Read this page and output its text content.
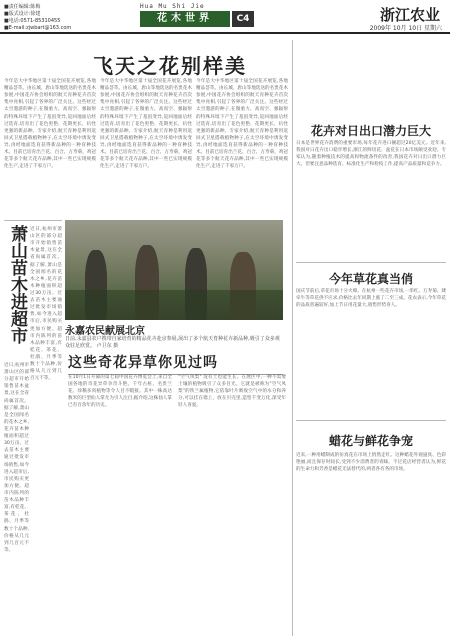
■责任编辑:陈梅
■版式设计:徐建
■电话:0571-85310455
■E-mail:zjwbart@163.com
Hua Mu Shi Jie
花木世界	C4	浙江农业
2009年 10月 10日 星期六
飞天之花别样美
今年是大中华地区第十届全国花卉展览,各地精品荟萃。由长城、唐山等地选送的名贵花木参展,中国花卉协会组织的航天育种花卉首次集中亮相,引起了各界的广泛关注。这些经过太空遨游的种子,在微重力、高真空、强辐射的特殊环境下产生了基因变异,返回地面后经过选育,培育出了花色更艳、花期更长、抗性更强的新品种。专家介绍,航天育种是利用返回式卫星搭载植物种子,在太空环境中诱发变异,再经地面选育获得新品种的一种育种技术。目前已培育出兰花、百合、万寿菊、鸡冠花等多个航天花卉品种,其中一些已实现规模化生产,走进了千家万户。
今年是大中华地区第十届全国花卉展览,各地精品荟萃。由长城、唐山等地选送的名贵花木参展,中国花卉协会组织的航天育种花卉首次集中亮相,引起了各界的广泛关注。这些经过太空遨游的种子,在微重力、高真空、强辐射的特殊环境下产生了基因变异,返回地面后经过选育,培育出了花色更艳、花期更长、抗性更强的新品种。专家介绍,航天育种是利用返回式卫星搭载植物种子,在太空环境中诱发变异,再经地面选育获得新品种的一种育种技术。目前已培育出兰花、百合、万寿菊、鸡冠花等多个航天花卉品种,其中一些已实现规模化生产,走进了千家万户。
今年是大中华地区第十届全国花卉展览,各地精品荟萃。由长城、唐山等地选送的名贵花木参展,中国花卉协会组织的航天育种花卉首次集中亮相,引起了各界的广泛关注。这些经过太空遨游的种子,在微重力、高真空、强辐射的特殊环境下产生了基因变异,返回地面后经过选育,培育出了花色更艳、花期更长、抗性更强的新品种。专家介绍,航天育种是利用返回式卫星搭载植物种子,在太空环境中诱发变异,再经地面选育获得新品种的一种育种技术。目前已培育出兰花、百合、万寿菊、鸡冠花等多个航天花卉品种,其中一些已实现规模化生产,走进了千家万户。
萧山苗木进超市 近日,杭州市萧山区的部分超市开始销售苗木盆景,这在全省尚属首次。据了解,萧山是全国闻名的花木之乡,花卉苗木种植面积超过30万亩。过去苗木主要通过批发市场销售,如今进入超市后,市民购买更加方便。超市内陈列的苗木品种丰富,有桂花、茶花、杜鹃、月季等数十个品种,价格从几元到几百元不等。
近日,杭州市萧山区的部分超市开始销售苗木盆景,这在全省尚属首次。据了解,萧山是全国闻名的花木之乡,花卉苗木种植面积超过30万亩。过去苗木主要通过批发市场销售,如今进入超市后,市民购买更加方便。超市内陈列的苗木品种丰富,有桂花、茶花、杜鹃、月季等数十个品种,价格从几元到几百元不等。
永嘉农民献展北京
日前,永嘉县农户携带自家培育的精品花卉赴京参展,展出了多个航天育种花卉新品种,吸引了众多观众驻足欣赏。 卢卫东 摄
这些奇花异草你见过吗
在10月1日开幕的第七届中国花卉博览会上,来自全国各地的奇花异草争奇斗艳。千年古桩、名贵兰花、珍稀多肉植物等令人目不暇接。其中一株高达数米的巨型仙人掌尤为引人注目,据介绍,这株仙人掌已有百余年的历史。
"空气凤梨" 没有土也能生长。在展区中,一种不需要土壤的植物吸引了众多目光。它就是被称为"空气凤梨"的铁兰属植物,它依靠叶片吸收空气中的水分和养分,可以挂在墙上、放在贝壳里,造型千变万化,深受年轻人喜爱。
花卉对日出口潜力巨大
日本是世界花卉消费的重要市场,每年花卉进口额超过20亿美元。近年来,我国对日花卉出口稳步增长,浙江的鲜切花、盆花在日本市场颇受欢迎。专家认为,随着种植技术的提高和物流条件的改善,我国花卉对日出口潜力巨大。但要注意品种选育、标准化生产和检疫工作,提高产品质量和竞争力。
今年草花真当俏
国庆节前后,草花市场十分火爆。在杭州一些花卉市场,一串红、万寿菊、矮牵牛等草花供不应求,价格比去年同期上涨了二至三成。花农表示,今年草花的品质普遍较好,加上节日用花量大,销售形势喜人。
蜡花与鲜花争宠
近来,一种用蜡制成的仿真花在市场上悄然走红。这种蜡花外观逼真、色彩艳丽,而且保存时间长,受到不少消费者的青睐。不过花店经营者认为,鲜花的生命力和芳香是蜡花无法替代的,两者各有各的市场。
